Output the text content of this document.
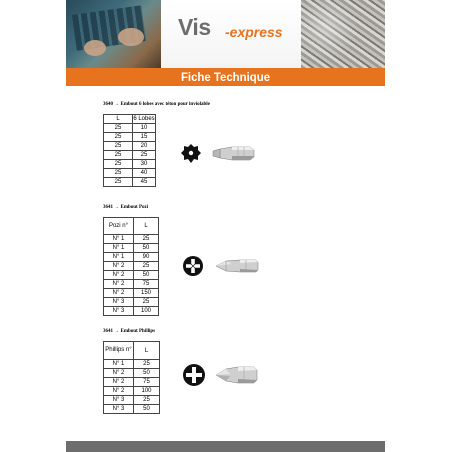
Vis -express
Fiche Technique
3640 → Embout 6 lobes avec téton pour inviolable
L	6 Lobes
25	10
25	15
25	20
25	25
25	30
25	40
25	45
3641 → Embout Pozi
Pozi n°	L
N° 1	25
N° 1	50
N° 1	90
N° 2	25
N° 2	50
N° 2	75
N° 2	150
N° 3	25
N° 3	100
3641 → Embout Phillips
Phillips n°	L
N° 1	25
N° 2	50
N° 2	75
N° 2	100
N° 3	25
N° 3	50
